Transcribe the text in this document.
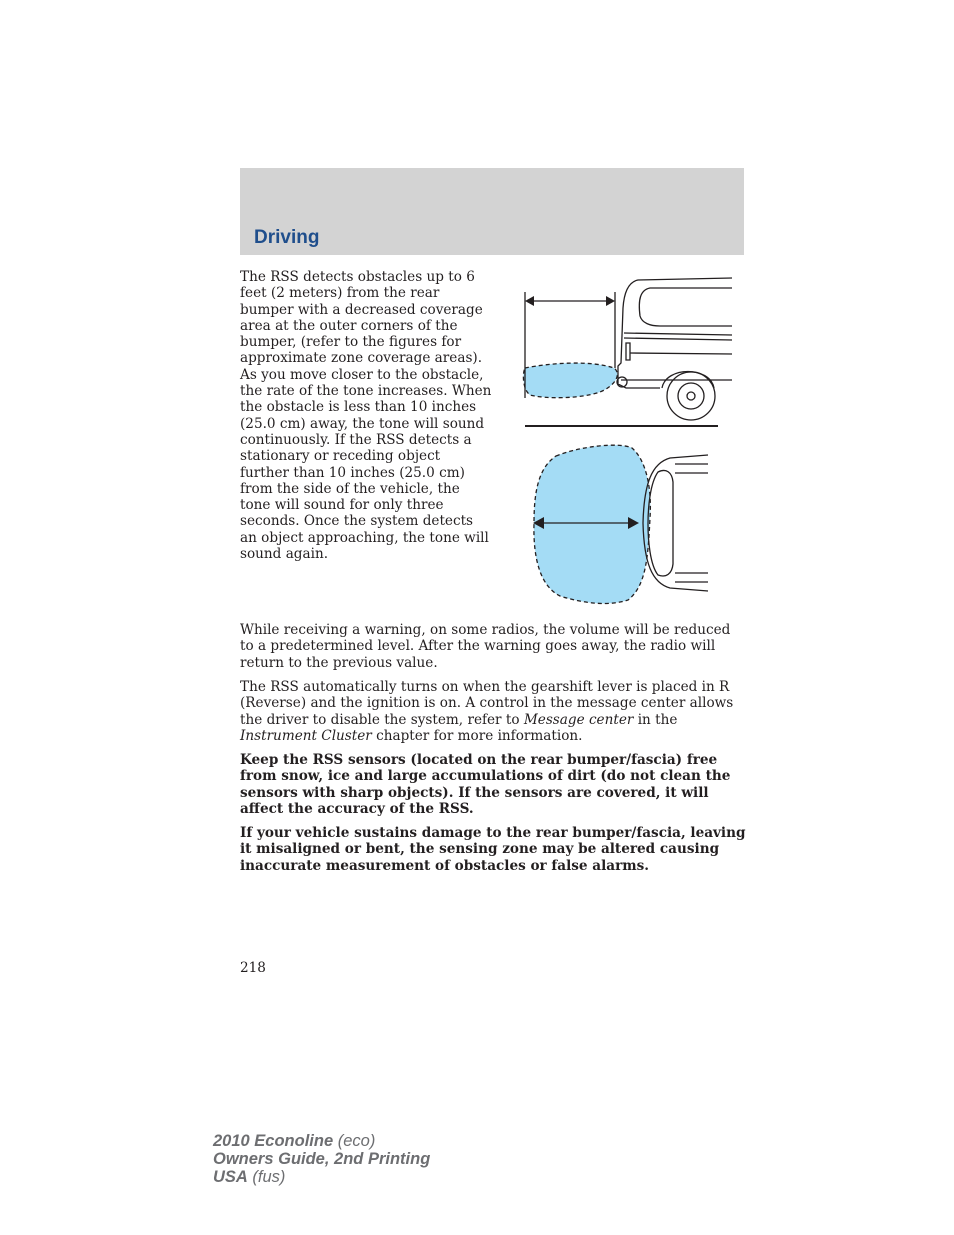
Driving

The RSS detects obstacles up to 6 feet (2 meters) from the rear bumper with a decreased coverage area at the outer corners of the bumper, (refer to the figures for approximate zone coverage areas). As you move closer to the obstacle, the rate of the tone increases. When the obstacle is less than 10 inches (25.0 cm) away, the tone will sound continuously. If the RSS detects a stationary or receding object further than 10 inches (25.0 cm) from the side of the vehicle, the tone will sound for only three seconds. Once the system detects an object approaching, the tone will sound again.

While receiving a warning, on some radios, the volume will be reduced to a predetermined level. After the warning goes away, the radio will return to the previous value.

The RSS automatically turns on when the gearshift lever is placed in R (Reverse) and the ignition is on. A control in the message center allows the driver to disable the system, refer to Message center in the Instrument Cluster chapter for more information.

Keep the RSS sensors (located on the rear bumper/fascia) free from snow, ice and large accumulations of dirt (do not clean the sensors with sharp objects). If the sensors are covered, it will affect the accuracy of the RSS.

If your vehicle sustains damage to the rear bumper/fascia, leaving it misaligned or bent, the sensing zone may be altered causing inaccurate measurement of obstacles or false alarms.

218
2010 Econoline (eco)
Owners Guide, 2nd Printing
USA (fus)
